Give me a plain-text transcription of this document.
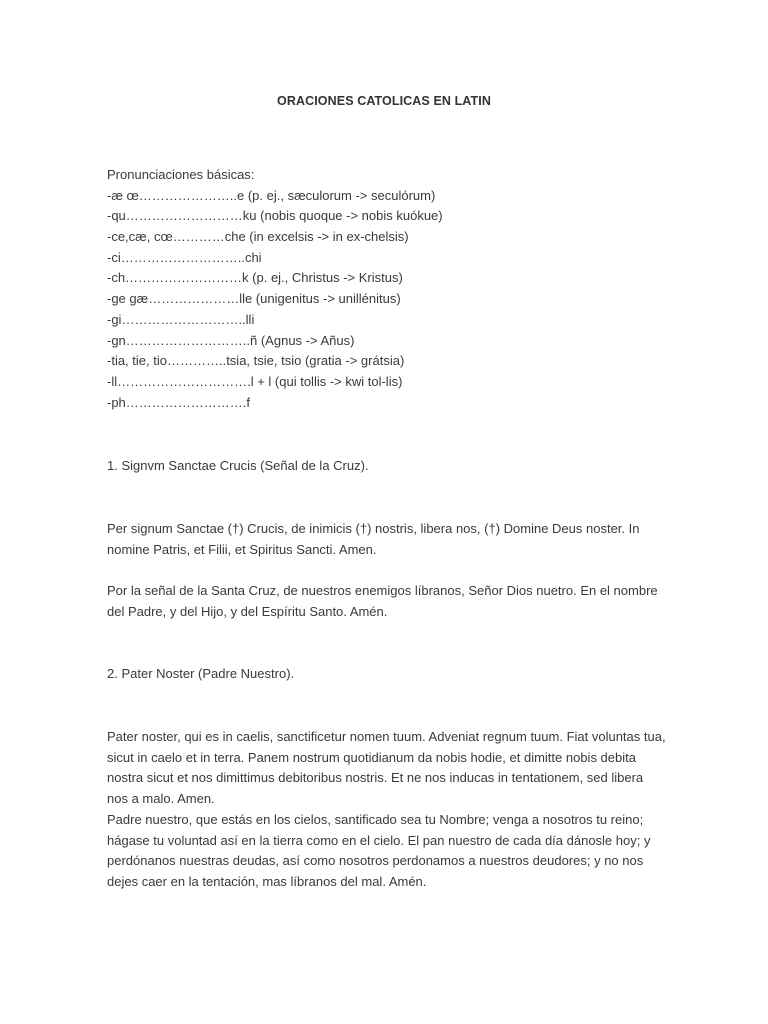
ORACIONES CATOLICAS EN LATIN
Pronunciaciones básicas:
-æ œ…………………..e (p. ej., sæculorum -> seculórum)
-qu………………………ku (nobis quoque -> nobis kuókue)
-ce,cæ, cœ…………che (in excelsis -> in ex-chelsis)
-ci………………………..chi
-ch………………………k (p. ej., Christus -> Kristus)
-ge gæ…………………lle (unigenitus -> unillénitus)
-gi………………………..lli
-gn………………………..ñ (Agnus -> Añus)
-tia, tie, tio…………..tsia, tsie, tsio (gratia -> grátsia)
-ll………………………….l + l (qui tollis -> kwi tol-lis)
-ph……………………….f
1. Signvm Sanctae Crucis (Señal de la Cruz).
Per signum Sanctae (†) Crucis, de inimicis (†) nostris, libera nos, (†) Domine Deus noster. In nomine Patris, et Filii, et Spiritus Sancti. Amen.
Por la señal de la Santa Cruz, de nuestros enemigos líbranos, Señor Dios nuetro. En el nombre del Padre, y del Hijo, y del Espíritu Santo. Amén.
2. Pater Noster (Padre Nuestro).
Pater noster, qui es in caelis, sanctificetur nomen tuum. Adveniat regnum tuum. Fiat voluntas tua, sicut in caelo et in terra. Panem nostrum quotidianum da nobis hodie, et dimitte nobis debita nostra sicut et nos dimittimus debitoribus nostris. Et ne nos inducas in tentationem, sed libera nos a malo. Amen.
Padre nuestro, que estás en los cielos, santificado sea tu Nombre; venga a nosotros tu reino; hágase tu voluntad así en la tierra como en el cielo. El pan nuestro de cada día dánosle hoy; y perdónanos nuestras deudas, así como nosotros perdonamos a nuestros deudores; y no nos dejes caer en la tentación, mas líbranos del mal. Amén.
